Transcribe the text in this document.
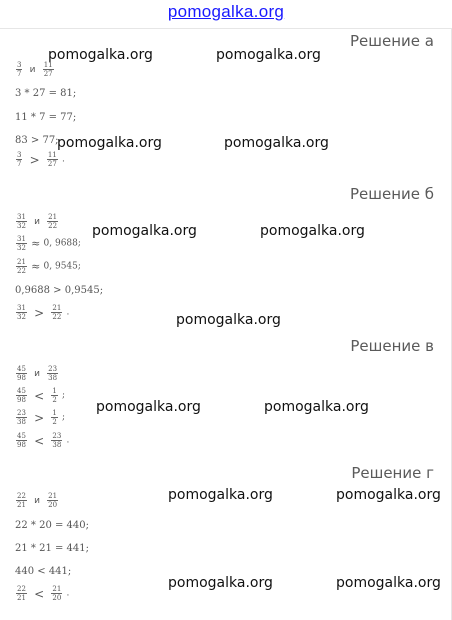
pomogalka.org
Решение а
pomogalka.org	pomogalka.org
$\frac{3}{7}$ и $\frac{11}{27}$
3 * 27 = 81;
11 * 7 = 77;
83 > 77;
pomogalka.org	pomogalka.org
$\frac{3}{7} > \frac{11}{27}$ .
Решение б
$\frac{31}{32}$ и $\frac{21}{22}$
pomogalka.org	pomogalka.org
$\frac{31}{32} \approx 0$, 9688;
$\frac{21}{22} \approx 0$, 9545;
0,9688 > 0,9545;
$\frac{31}{32} > \frac{21}{22}$ .	pomogalka.org
Решение в
$\frac{45}{98}$ и $\frac{23}{38}$
$\frac{45}{98} < \frac{1}{2}$ ;
pomogalka.org	pomogalka.org
$\frac{23}{38} > \frac{1}{2}$ ;
$\frac{45}{98} < \frac{23}{38}$ .
Решение г
pomogalka.org	pomogalka.org
$\frac{22}{21}$ и $\frac{21}{20}$
22 * 20 = 440;
21 * 21 = 441;
440 < 441;
pomogalka.org	pomogalka.org
$\frac{22}{21} < \frac{21}{20}$ .
